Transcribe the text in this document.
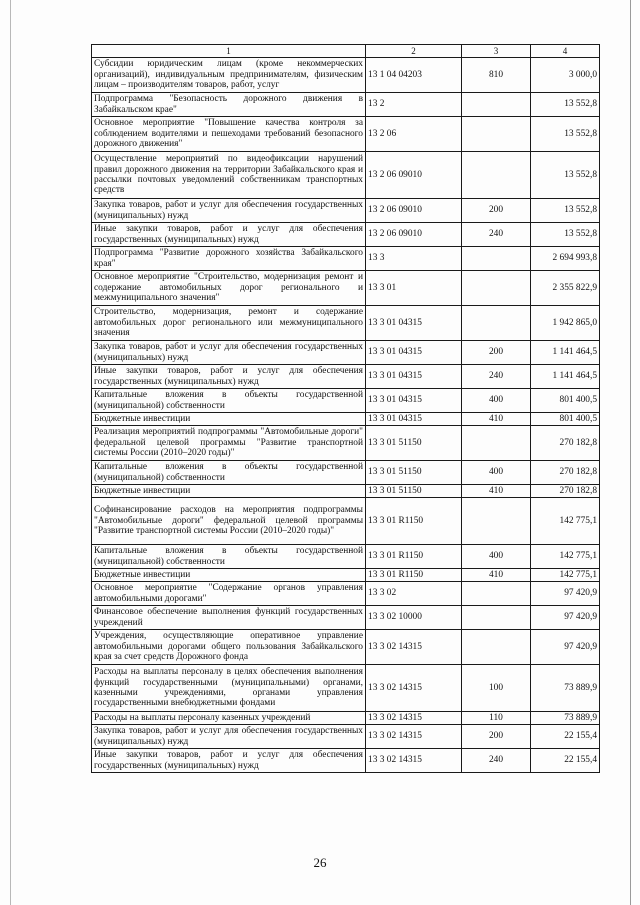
1	2	3	4
Субсидии юридическим лицам (кроме некоммерческих организаций), индивидуальным предпринимателям, физическим лицам – производителям товаров, работ, услуг	13 1 04 04203	810	3 000,0
Подпрограмма "Безопасность дорожного движения в Забайкальском крае"	13 2		13 552,8
Основное мероприятие "Повышение качества контроля за соблюдением водителями и пешеходами требований безопасного дорожного движения"	13 2 06		13 552,8
Осуществление мероприятий по видеофиксации нарушений правил дорожного движения на территории Забайкальского края и рассылки почтовых уведомлений собственникам транспортных средств	13 2 06 09010		13 552,8
Закупка товаров, работ и услуг для обеспечения государственных (муниципальных) нужд	13 2 06 09010	200	13 552,8
Иные закупки товаров, работ и услуг для обеспечения государственных (муниципальных) нужд	13 2 06 09010	240	13 552,8
Подпрограмма "Развитие дорожного хозяйства Забайкальского края"	13 3		2 694 993,8
Основное мероприятие "Строительство, модернизация ремонт и содержание автомобильных дорог регионального и межмуниципального значения"	13 3 01		2 355 822,9
Строительство, модернизация, ремонт и содержание автомобильных дорог регионального или межмуниципального значения	13 3 01 04315		1 942 865,0
Закупка товаров, работ и услуг для обеспечения государственных (муниципальных) нужд	13 3 01 04315	200	1 141 464,5
Иные закупки товаров, работ и услуг для обеспечения государственных (муниципальных) нужд	13 3 01 04315	240	1 141 464,5
Капитальные вложения в объекты государственной (муниципальной) собственности	13 3 01 04315	400	801 400,5
Бюджетные инвестиции	13 3 01 04315	410	801 400,5
Реализация мероприятий подпрограммы "Автомобильные дороги" федеральной целевой программы "Развитие транспортной системы России (2010–2020 годы)"	13 3 01 51150		270 182,8
Капитальные вложения в объекты государственной (муниципальной) собственности	13 3 01 51150	400	270 182,8
Бюджетные инвестиции	13 3 01 51150	410	270 182,8
Софинансирование расходов на мероприятия подпрограммы "Автомобильные дороги" федеральной целевой программы "Развитие транспортной системы России (2010–2020 годы)"	13 3 01 R1150		142 775,1
Капитальные вложения в объекты государственной (муниципальной) собственности	13 3 01 R1150	400	142 775,1
Бюджетные инвестиции	13 3 01 R1150	410	142 775,1
Основное мероприятие "Содержание органов управления автомобильными дорогами"	13 3 02		97 420,9
Финансовое обеспечение выполнения функций государственных учреждений	13 3 02 10000		97 420,9
Учреждения, осуществляющие оперативное управление автомобильными дорогами общего пользования Забайкальского края за счет средств Дорожного фонда	13 3 02 14315		97 420,9
Расходы на выплаты персоналу в целях обеспечения выполнения функций государственными (муниципальными) органами, казенными учреждениями, органами управления государственными внебюджетными фондами	13 3 02 14315	100	73 889,9
Расходы на выплаты персоналу казенных учреждений	13 3 02 14315	110	73 889,9
Закупка товаров, работ и услуг для обеспечения государственных (муниципальных) нужд	13 3 02 14315	200	22 155,4
Иные закупки товаров, работ и услуг для обеспечения государственных (муниципальных) нужд	13 3 02 14315	240	22 155,4
26
